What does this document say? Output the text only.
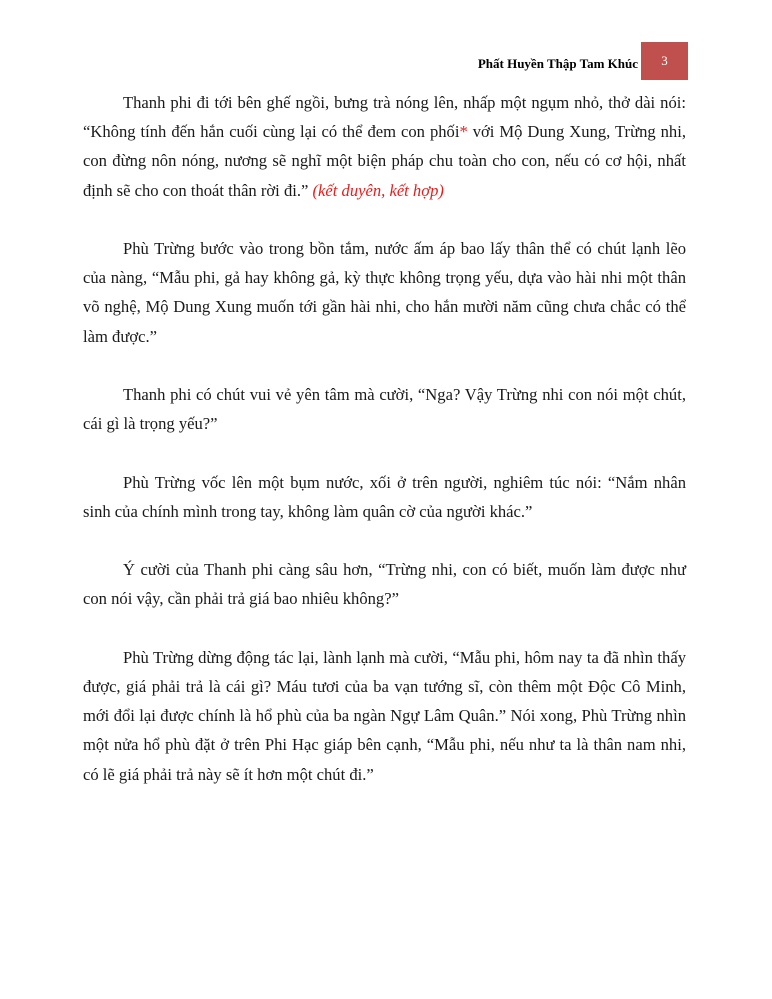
Phất Huyền Thập Tam Khúc 3

Thanh phi đi tới bên ghế ngồi, bưng trà nóng lên, nhấp một ngụm nhỏ, thở dài nói: “Không tính đến hắn cuối cùng lại có thể đem con phối* với Mộ Dung Xung, Trừng nhi, con đừng nôn nóng, nương sẽ nghĩ một biện pháp chu toàn cho con, nếu có cơ hội, nhất định sẽ cho con thoát thân rời đi.” (kết duyên, kết hợp)

Phù Trừng bước vào trong bồn tắm, nước ấm áp bao lấy thân thể có chút lạnh lẽo của nàng, “Mẫu phi, gả hay không gả, kỳ thực không trọng yếu, dựa vào hài nhi một thân võ nghệ, Mộ Dung Xung muốn tới gần hài nhi, cho hắn mười năm cũng chưa chắc có thể làm được.”

Thanh phi có chút vui vẻ yên tâm mà cười, “Nga? Vậy Trừng nhi con nói một chút, cái gì là trọng yếu?”

Phù Trừng vốc lên một bụm nước, xối ở trên người, nghiêm túc nói: “Nắm nhân sinh của chính mình trong tay, không làm quân cờ của người khác.”

Ý cười của Thanh phi càng sâu hơn, “Trừng nhi, con có biết, muốn làm được như con nói vậy, cần phải trả giá bao nhiêu không?”

Phù Trừng dừng động tác lại, lành lạnh mà cười, “Mẫu phi, hôm nay ta đã nhìn thấy được, giá phải trả là cái gì? Máu tươi của ba vạn tướng sĩ, còn thêm một Độc Cô Minh, mới đổi lại được chính là hổ phù của ba ngàn Ngự Lâm Quân.” Nói xong, Phù Trừng nhìn một nửa hổ phù đặt ở trên Phi Hạc giáp bên cạnh, “Mẫu phi, nếu như ta là thân nam nhi, có lẽ giá phải trả này sẽ ít hơn một chút đi.”
